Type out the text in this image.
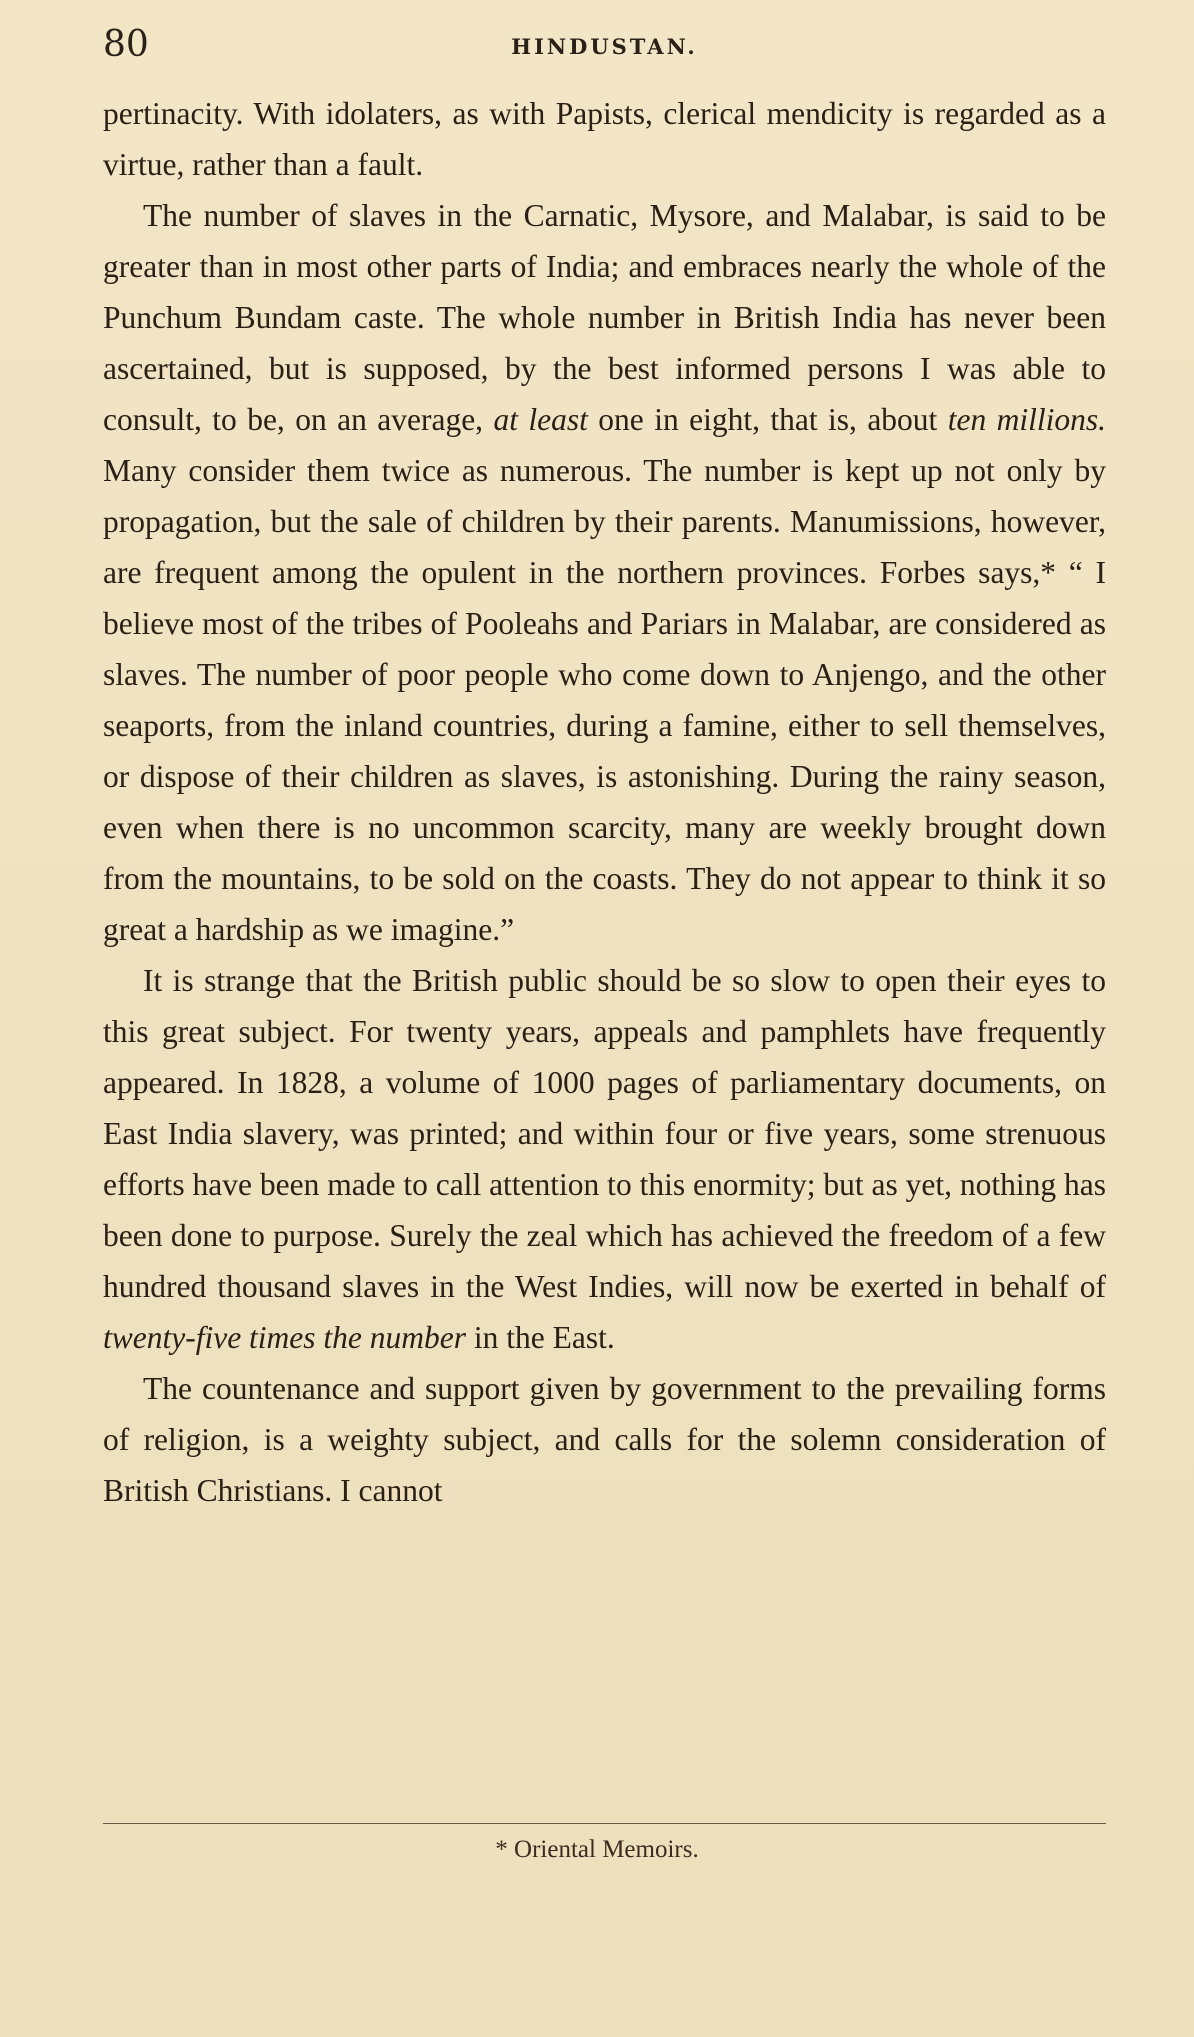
80	HINDUSTAN.

pertinacity. With idolaters, as with Papists, clerical mendicity is regarded as a virtue, rather than a fault.

The number of slaves in the Carnatic, Mysore, and Malabar, is said to be greater than in most other parts of India; and embraces nearly the whole of the Punchum Bundam caste. The whole number in British India has never been ascertained, but is supposed, by the best informed persons I was able to consult, to be, on an average, at least one in eight, that is, about ten millions. Many consider them twice as numerous. The number is kept up not only by propagation, but the sale of children by their parents. Manumissions, however, are frequent among the opulent in the northern provinces. Forbes says,* “ I believe most of the tribes of Pooleahs and Pariars in Malabar, are considered as slaves. The number of poor people who come down to Anjengo, and the other seaports, from the inland countries, during a famine, either to sell themselves, or dispose of their children as slaves, is astonishing. During the rainy season, even when there is no uncommon scarcity, many are weekly brought down from the mountains, to be sold on the coasts. They do not appear to think it so great a hardship as we imagine.”

It is strange that the British public should be so slow to open their eyes to this great subject. For twenty years, appeals and pamphlets have frequently appeared. In 1828, a volume of 1000 pages of parliamentary documents, on East India slavery, was printed; and within four or five years, some strenuous efforts have been made to call attention to this enormity; but as yet, nothing has been done to purpose. Surely the zeal which has achieved the freedom of a few hundred thousand slaves in the West Indies, will now be exerted in behalf of twenty-five times the number in the East.

The countenance and support given by government to the prevailing forms of religion, is a weighty subject, and calls for the solemn consideration of British Christians. I cannot

* Oriental Memoirs.
